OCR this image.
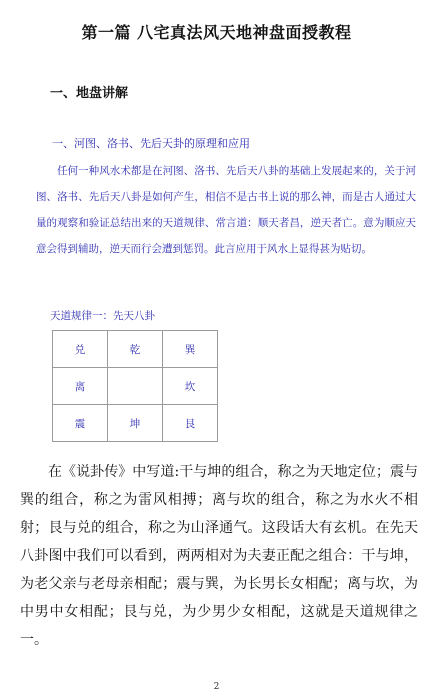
第一篇 八宅真法风天地神盘面授教程
一、地盘讲解
一、河图、洛书、先后天卦的原理和应用

任何一种风水术都是在河图、洛书、先后天八卦的基础上发展起来的，关于河图、洛书、先后天八卦是如何产生，相信不是古书上说的那么神，而是古人通过大量的观察和验证总结出来的天道规律、常言道：顺天者昌，逆天者亡。意为顺应天意会得到辅助，逆天而行会遭到惩罚。此言应用于风水上显得甚为贴切。

天道规律一：先天八卦
兑	乾	巽
离		坎
震	坤	艮

在《说卦传》中写道:干与坤的组合，称之为天地定位；震与巽的组合，称之为雷风相搏；离与坎的组合，称之为水火不相射；艮与兑的组合，称之为山泽通气。这段话大有玄机。在先天八卦图中我们可以看到，两两相对为夫妻正配之组合：干与坤，为老父亲与老母亲相配；震与巽，为长男长女相配；离与坎，为中男中女相配；艮与兑，为少男少女相配，这就是天道规律之一。

2
